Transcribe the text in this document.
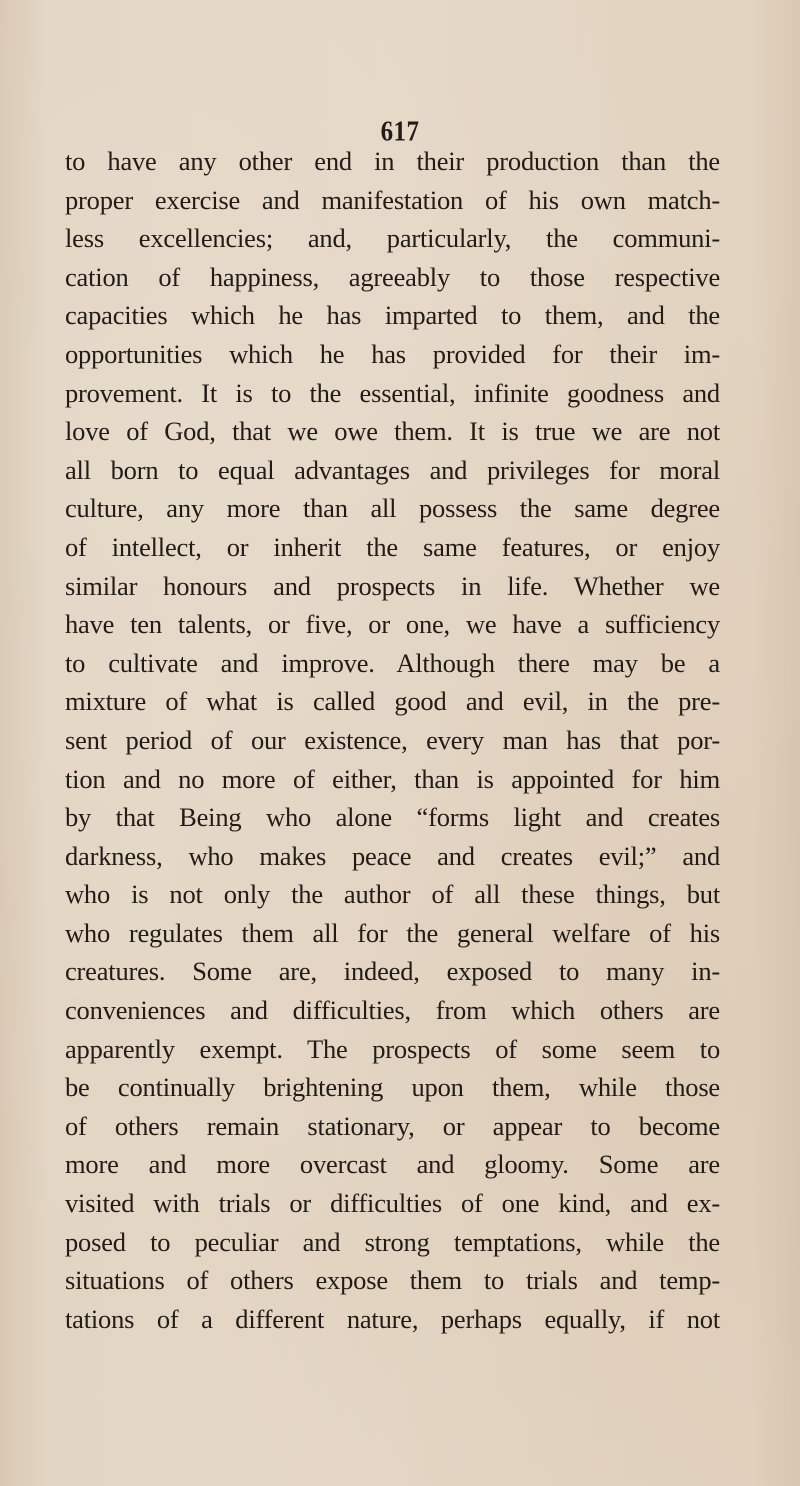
617
to have any other end in their production than the
proper exercise and manifestation of his own match-
less excellencies; and, particularly, the communi-
cation of happiness, agreeably to those respective
capacities which he has imparted to them, and the
opportunities which he has provided for their im-
provement. It is to the essential, infinite goodness and
love of God, that we owe them. It is true we are not
all born to equal advantages and privileges for moral
culture, any more than all possess the same degree
of intellect, or inherit the same features, or enjoy
similar honours and prospects in life. Whether we
have ten talents, or five, or one, we have a sufficiency
to cultivate and improve. Although there may be a
mixture of what is called good and evil, in the pre-
sent period of our existence, every man has that por-
tion and no more of either, than is appointed for him
by that Being who alone “forms light and creates
darkness, who makes peace and creates evil;” and
who is not only the author of all these things, but
who regulates them all for the general welfare of his
creatures. Some are, indeed, exposed to many in-
conveniences and difficulties, from which others are
apparently exempt. The prospects of some seem to
be continually brightening upon them, while those
of others remain stationary, or appear to become
more and more overcast and gloomy. Some are
visited with trials or difficulties of one kind, and ex-
posed to peculiar and strong temptations, while the
situations of others expose them to trials and temp-
tations of a different nature, perhaps equally, if not
